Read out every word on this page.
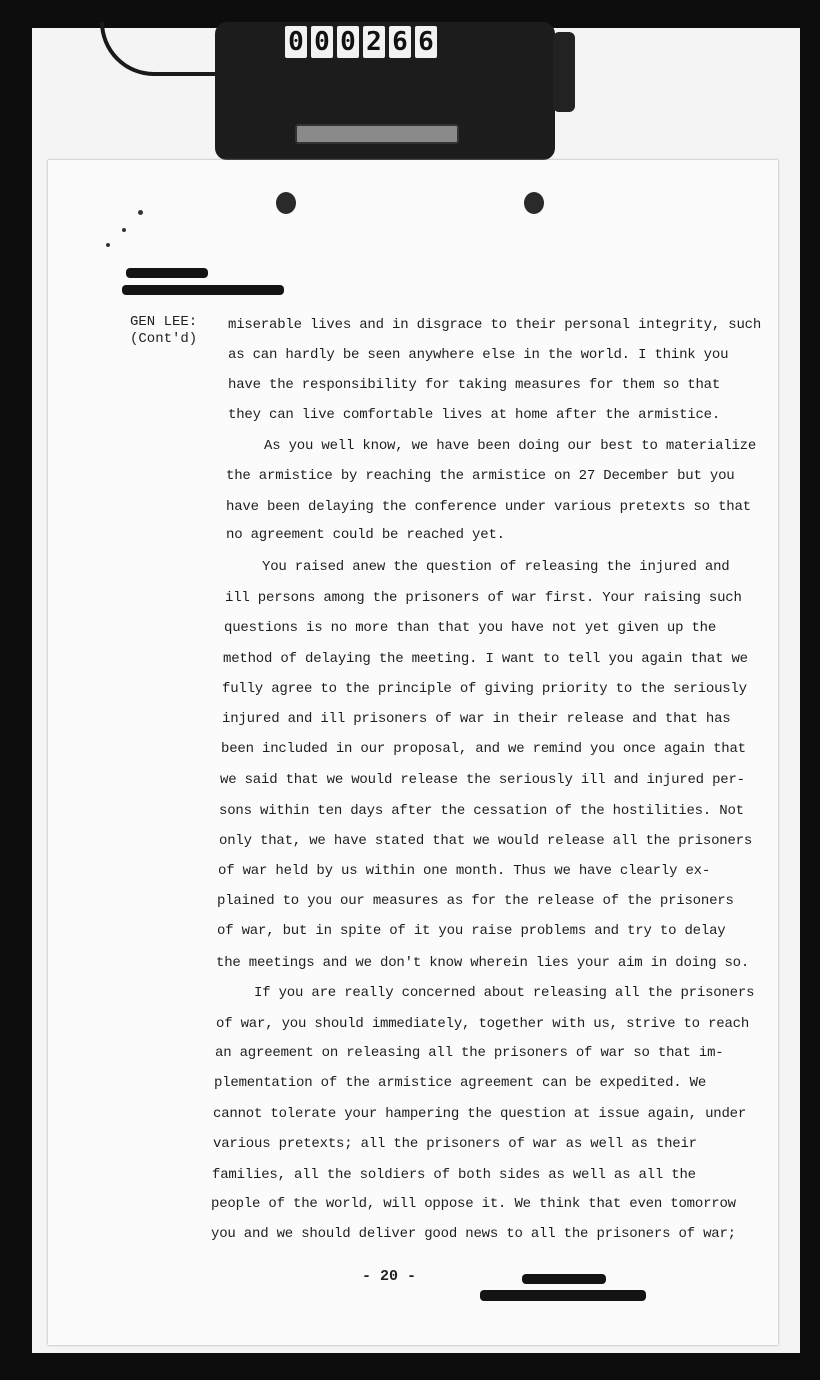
0 0 0 2 6 6
GEN LEE:
(Cont'd)
miserable lives and in disgrace to their personal integrity, such
as can hardly be seen anywhere else in the world. I think you
have the responsibility for taking measures for them so that
they can live comfortable lives at home after the armistice.
As you well know, we have been doing our best to materialize
the armistice by reaching the armistice on 27 December but you
have been delaying the conference under various pretexts so that
no agreement could be reached yet.
You raised anew the question of releasing the injured and
ill persons among the prisoners of war first. Your raising such
questions is no more than that you have not yet given up the
method of delaying the meeting. I want to tell you again that we
fully agree to the principle of giving priority to the seriously
injured and ill prisoners of war in their release and that has
been included in our proposal, and we remind you once again that
we said that we would release the seriously ill and injured per-
sons within ten days after the cessation of the hostilities. Not
only that, we have stated that we would release all the prisoners
of war held by us within one month. Thus we have clearly ex-
plained to you our measures as for the release of the prisoners
of war, but in spite of it you raise problems and try to delay
the meetings and we don't know wherein lies your aim in doing so.
If you are really concerned about releasing all the prisoners
of war, you should immediately, together with us, strive to reach
an agreement on releasing all the prisoners of war so that im-
plementation of the armistice agreement can be expedited. We
cannot tolerate your hampering the question at issue again, under
various pretexts; all the prisoners of war as well as their
families, all the soldiers of both sides as well as all the
people of the world, will oppose it. We think that even tomorrow
you and we should deliver good news to all the prisoners of war;
- 20 -
